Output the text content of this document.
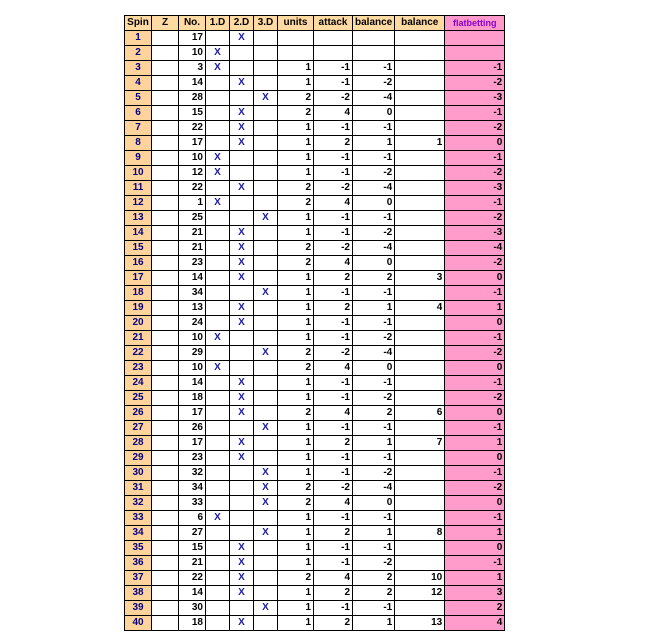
Spin	Z	No.	1.D	2.D	3.D	units	attack	balance	balance	flatbetting
1		17		X						
2		10	X							
3		3	X			1	-1	-1		-1
4		14		X		1	-1	-2		-2
5		28			X	2	-2	-4		-3
6		15		X		2	4	0		-1
7		22		X		1	-1	-1		-2
8		17		X		1	2	1	1	0
9		10	X			1	-1	-1		-1
10		12	X			1	-1	-2		-2
11		22		X		2	-2	-4		-3
12		1	X			2	4	0		-1
13		25			X	1	-1	-1		-2
14		21		X		1	-1	-2		-3
15		21		X		2	-2	-4		-4
16		23		X		2	4	0		-2
17		14		X		1	2	2	3	0
18		34			X	1	-1	-1		-1
19		13		X		1	2	1	4	1
20		24		X		1	-1	-1		0
21		10	X			1	-1	-2		-1
22		29			X	2	-2	-4		-2
23		10	X			2	4	0		0
24		14		X		1	-1	-1		-1
25		18		X		1	-1	-2		-2
26		17		X		2	4	2	6	0
27		26			X	1	-1	-1		-1
28		17		X		1	2	1	7	1
29		23		X		1	-1	-1		0
30		32			X	1	-1	-2		-1
31		34			X	2	-2	-4		-2
32		33			X	2	4	0		0
33		6	X			1	-1	-1		-1
34		27			X	1	2	1	8	1
35		15		X		1	-1	-1		0
36		21		X		1	-1	-2		-1
37		22		X		2	4	2	10	1
38		14		X		1	2	2	12	3
39		30			X	1	-1	-1		2
40		18		X		1	2	1	13	4
